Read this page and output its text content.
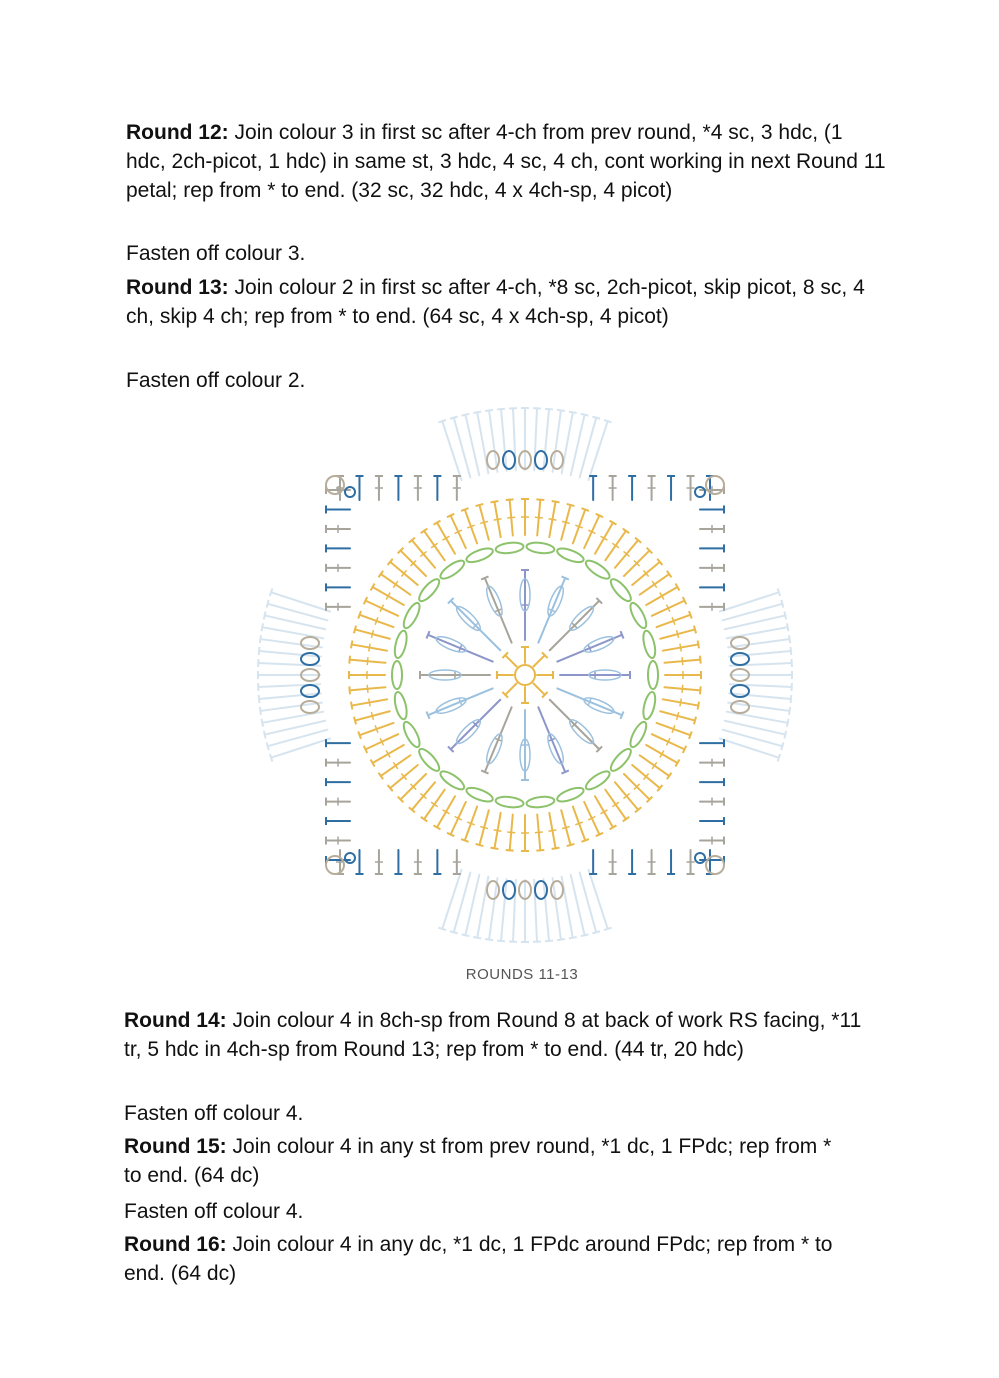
Round 12: Join colour 3 in first sc after 4-ch from prev round, *4 sc, 3 hdc, (1 hdc, 2ch-picot, 1 hdc) in same st, 3 hdc, 4 sc, 4 ch, cont working in next Round 11 petal; rep from * to end. (32 sc, 32 hdc, 4 x 4ch-sp, 4 picot)
Fasten off colour 3.
Round 13: Join colour 2 in first sc after 4-ch, *8 sc, 2ch-picot, skip picot, 8 sc, 4 ch, skip 4 ch; rep from * to end. (64 sc, 4 x 4ch-sp, 4 picot)
Fasten off colour 2.
ROUNDS 11-13
Round 14: Join colour 4 in 8ch-sp from Round 8 at back of work RS facing, *11 tr, 5 hdc in 4ch-sp from Round 13; rep from * to end. (44 tr, 20 hdc)
Fasten off colour 4.
Round 15: Join colour 4 in any st from prev round, *1 dc, 1 FPdc; rep from * to end. (64 dc)
Fasten off colour 4.
Round 16: Join colour 4 in any dc, *1 dc, 1 FPdc around FPdc; rep from * to end. (64 dc)
